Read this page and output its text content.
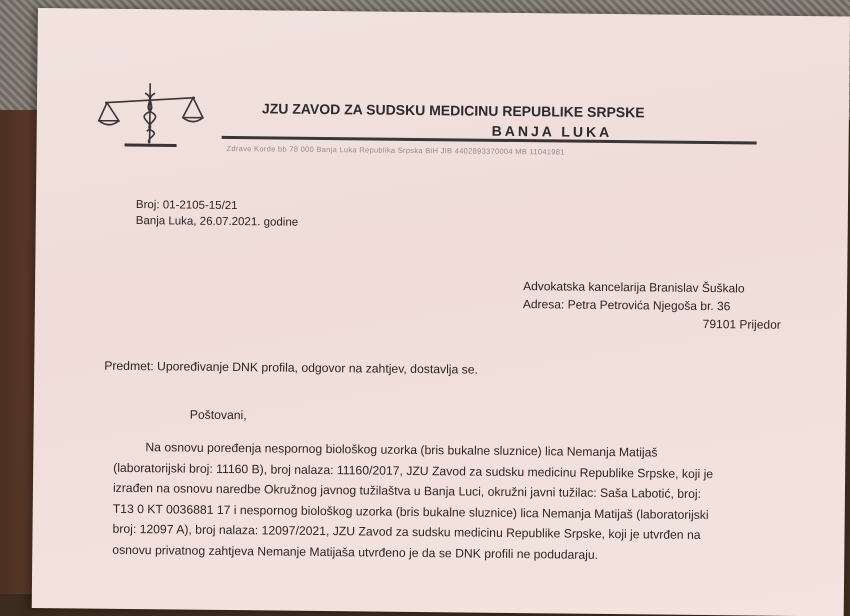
JZU ZAVOD ZA SUDSKU MEDICINU REPUBLIKE SRPSKE
BANJA LUKA
Zdrave Korde bb 78 000 Banja Luka Republika Srpska BiH JIB 4402893370004 MB 11041981
Broj: 01-2105-15/21
Banja Luka, 26.07.2021. godine
Advokatska kancelarija Branislav Šuškalo
Adresa: Petra Petrovića Njegoša br. 36
79101 Prijedor
Predmet: Upoređivanje DNK profila, odgovor na zahtjev, dostavlja se.
Poštovani,
Na osnovu poređenja nespornog biološkog uzorka (bris bukalne sluznice) lica Nemanja Matijaš
(laboratorijski broj: 11160 B), broj nalaza: 11160/2017, JZU Zavod za sudsku medicinu Republike Srpske, koji je
izrađen na osnovu naredbe Okružnog javnog tužilaštva u Banja Luci, okružni javni tužilac: Saša Labotić, broj:
T13 0 KT 0036881 17 i nespornog biološkog uzorka (bris bukalne sluznice) lica Nemanja Matijaš (laboratorijski
broj: 12097 A), broj nalaza: 12097/2021, JZU Zavod za sudsku medicinu Republike Srpske, koji je utvrđen na
osnovu privatnog zahtjeva Nemanje Matijaša utvrđeno je da se DNK profili ne podudaraju.
